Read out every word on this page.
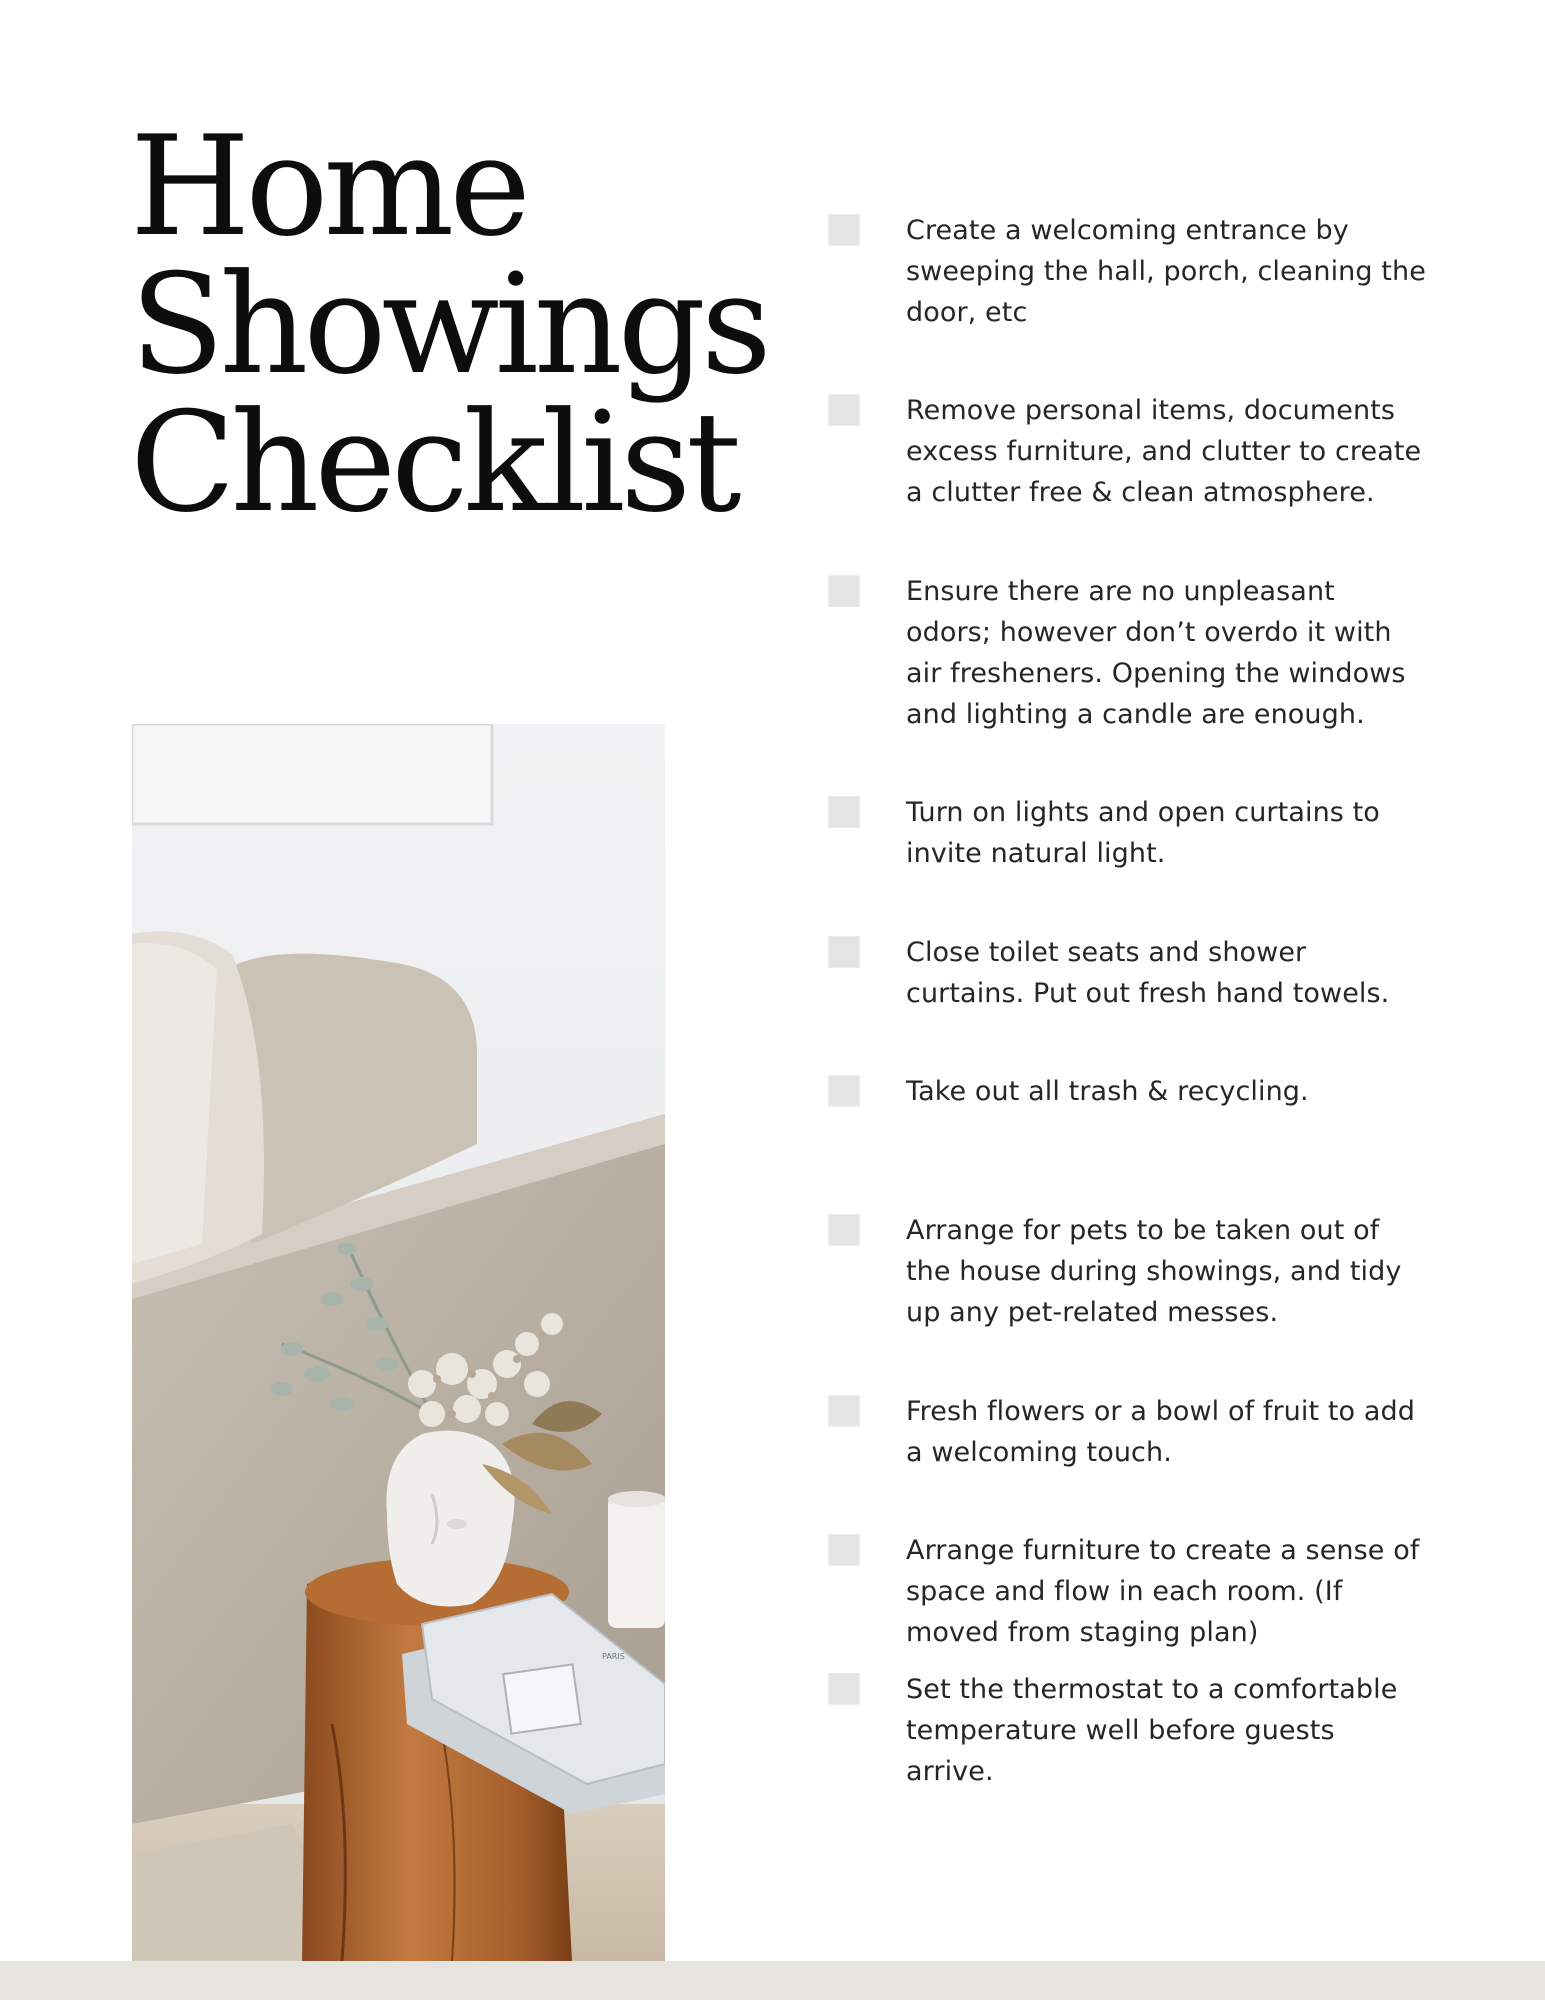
Home
Showings
Checklist
PARIS

Create a welcoming entrance by sweeping the hall, porch, cleaning the door, etc

Remove personal items, documents excess furniture, and clutter to create a clutter free & clean atmosphere.

Ensure there are no unpleasant odors; however don’t overdo it with air fresheners. Opening the windows and lighting a candle are enough.

Turn on lights and open curtains to invite natural light.

Close toilet seats and shower curtains. Put out fresh hand towels.

Take out all trash & recycling.

Arrange for pets to be taken out of the house during showings, and tidy up any pet-related messes.

Fresh flowers or a bowl of fruit to add a welcoming touch.

Arrange furniture to create a sense of space and flow in each room. (If moved from staging plan)

Set the thermostat to a comfortable temperature well before guests arrive.
